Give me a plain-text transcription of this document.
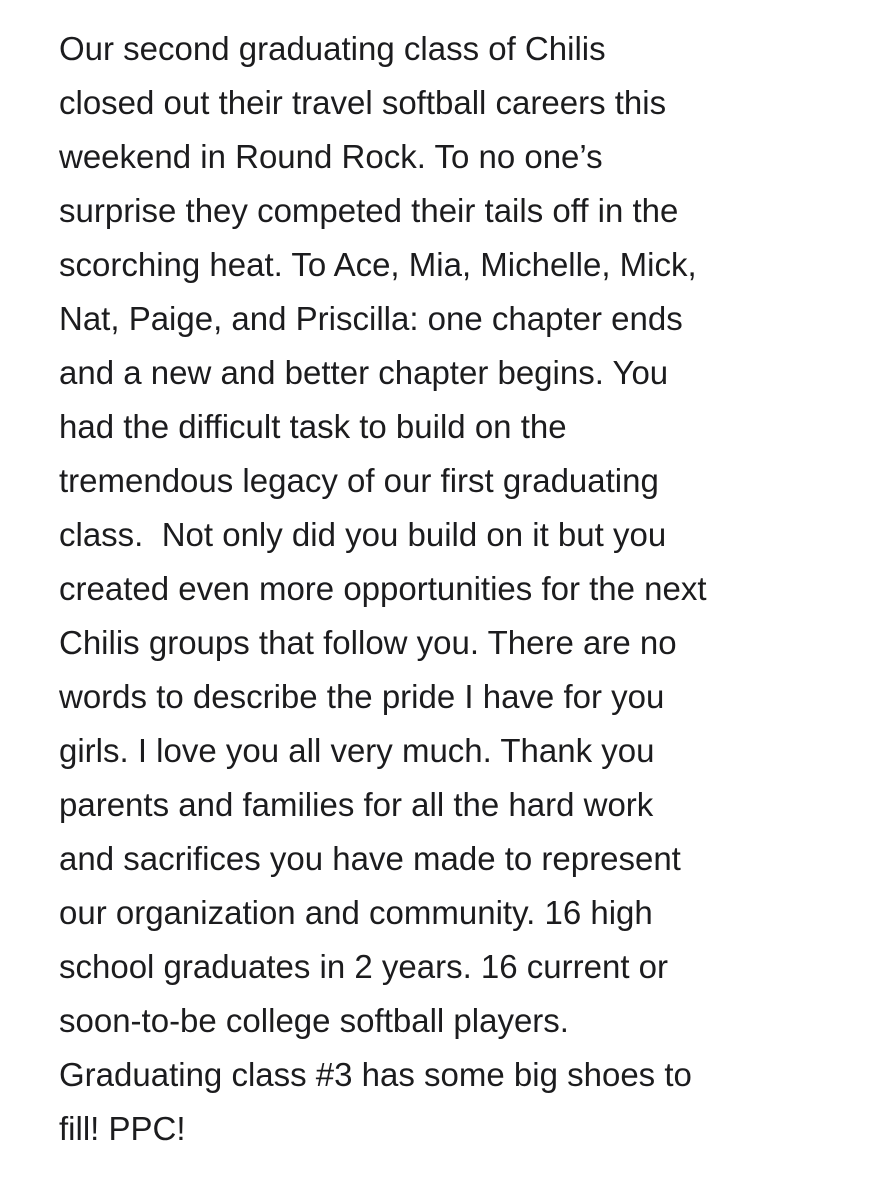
Our second graduating class of Chilis
closed out their travel softball careers this
weekend in Round Rock. To no one’s
surprise they competed their tails off in the
scorching heat. To Ace, Mia, Michelle, Mick,
Nat, Paige, and Priscilla: one chapter ends
and a new and better chapter begins. You
had the difficult task to build on the
tremendous legacy of our first graduating
class.  Not only did you build on it but you
created even more opportunities for the next
Chilis groups that follow you. There are no
words to describe the pride I have for you
girls. I love you all very much. Thank you
parents and families for all the hard work
and sacrifices you have made to represent
our organization and community. 16 high
school graduates in 2 years. 16 current or
soon-to-be college softball players.
Graduating class #3 has some big shoes to
fill! PPC!
